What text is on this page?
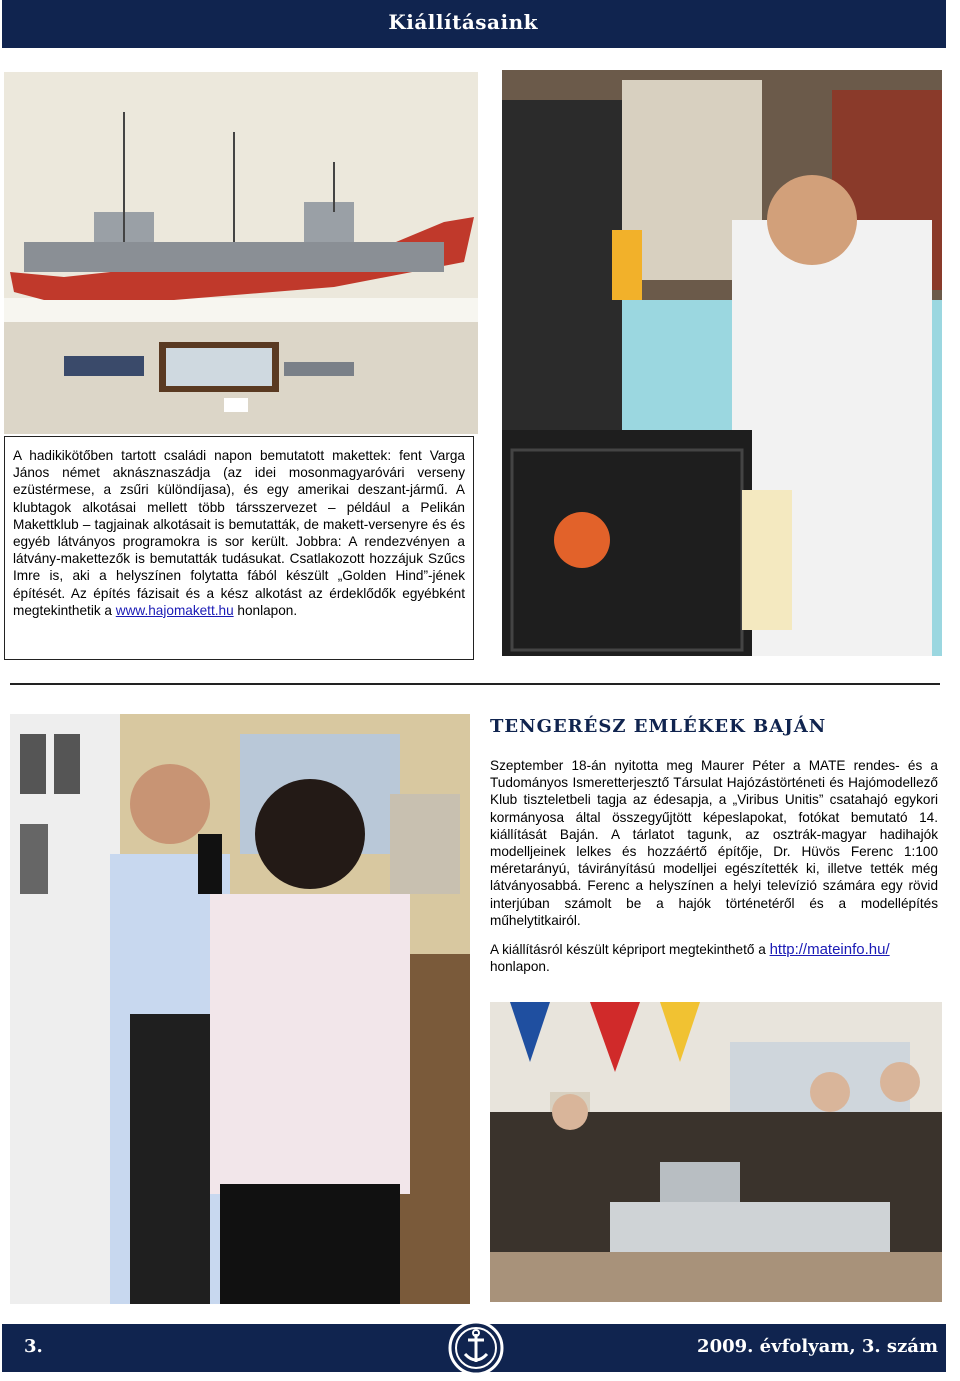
Kiállításaink

A hadikikötőben tartott családi napon bemutatott makettek: fent Varga János német aknásznaszádja (az idei mosonmagyaróvári verseny ezüstérmese, a zsűri különdíjasa), és egy amerikai deszant-jármű. A klubtagok alkotásai mellett több társszervezet – például a Pelikán Makettklub – tagjainak alkotásait is bemutatták, de makett-versenyre és és egyéb látványos programokra is sor került. Jobbra: A rendezvényen a látvány-makettezők is bemutatták tudásukat. Csatlakozott hozzájuk Szűcs Imre is, aki a helyszínen folytatta fából készült „Golden Hind”-jének építését. Az építés fázisait és a kész alkotást az érdeklődők egyébként megtekinthetik a www.hajomakett.hu honlapon.

TENGERÉSZ EMLÉKEK BAJÁN

Szeptember 18-án nyitotta meg Maurer Péter a MATE rendes- és a Tudományos Ismeretterjesztő Társulat Hajózástörténeti és Hajómodellező Klub tiszteletbeli tagja az édesapja, a „Viribus Unitis” csatahajó egykori kormányosa által összegyűjtött képeslapokat, fotókat bemutató 14. kiállítását Baján. A tárlatot tagunk, az osztrák-magyar hadihajók modelljeinek lelkes és hozzáértő építője, Dr. Hüvös Ferenc 1:100 méretarányú, távirányítású modelljei egészítették ki, illetve tették még látványosabbá. Ferenc a helyszínen a helyi televízió számára egy rövid interjúban számolt be a hajók történetéről és a modellépítés műhelytitkairól.

A kiállításról készült képriport megtekinthető a http://mateinfo.hu/
honlapon.

3.	2009. évfolyam, 3. szám
